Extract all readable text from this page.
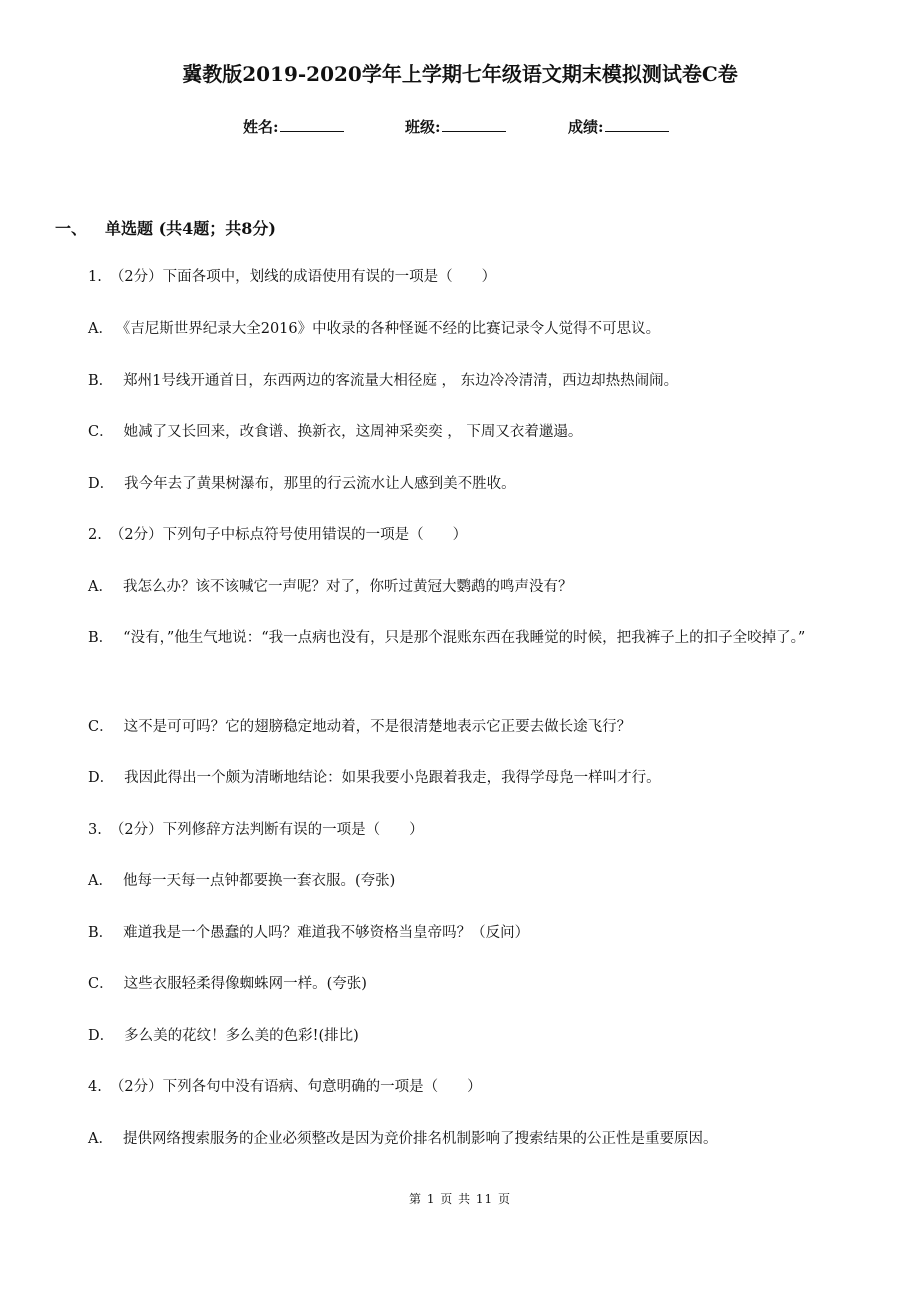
冀教版2019-2020学年上学期七年级语文期末模拟测试卷C卷
姓名:	班级:	成绩:
一、 单选题 (共4题；共8分)
1. （2分）下面各项中，划线的成语使用有误的一项是（　　）
A． 《吉尼斯世界纪录大全2016》中收录的各种怪诞不经的比赛记录令人觉得不可思议。
B． 郑州1号线开通首日，东西两边的客流量大相径庭 ， 东边冷冷清清，西边却热热闹闹。
C． 她减了又长回来，改食谱、换新衣，这周神采奕奕 ， 下周又衣着邋遢。
D． 我今年去了黄果树瀑布，那里的行云流水让人感到美不胜收。
2. （2分）下列句子中标点符号使用错误的一项是（　　）
A． 我怎么办？该不该喊它一声呢？对了，你听过黄冠大鹦鹉的鸣声没有？
B． “没有，”他生气地说：“我一点病也没有，只是那个混账东西在我睡觉的时候，把我裤子上的扣子全咬掉了。”
C． 这不是可可吗？它的翅膀稳定地动着，不是很清楚地表示它正要去做长途飞行？
D． 我因此得出一个颇为清晰地结论：如果我要小凫跟着我走，我得学母凫一样叫才行。
3. （2分）下列修辞方法判断有误的一项是（　　）
A． 他每一天每一点钟都要换一套衣服。(夸张)
B． 难道我是一个愚蠢的人吗？难道我不够资格当皇帝吗？（反问）
C． 这些衣服轻柔得像蜘蛛网一样。(夸张)
D． 多么美的花纹！多么美的色彩!(排比)
4. （2分）下列各句中没有语病、句意明确的一项是（　　）
A． 提供网络搜索服务的企业必须整改是因为竞价排名机制影响了搜索结果的公正性是重要原因。
第 1 页 共 11 页
